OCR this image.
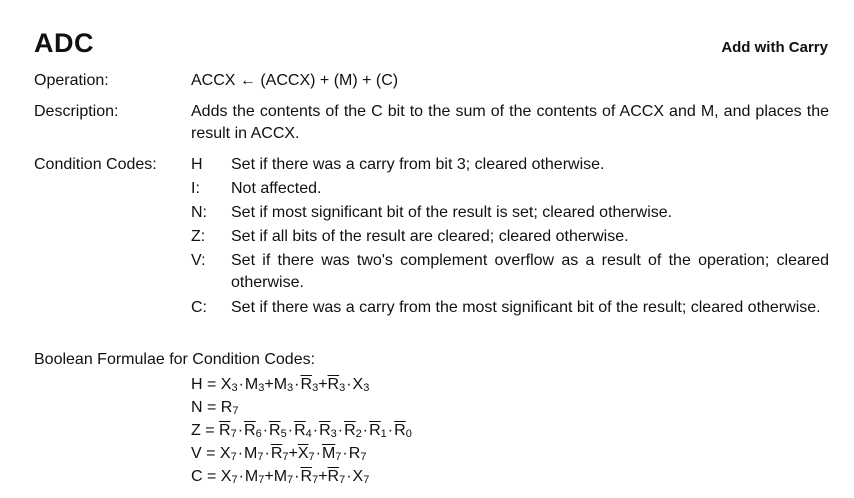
ADC	Add with Carry
Operation:	ACCX ← (ACCX) + (M) + (C)
Description:	Adds the contents of the C bit to the sum of the contents of ACCX and M, and places the result in ACCX.
Condition Codes: H	Set if there was a carry from bit 3; cleared otherwise.
I:	Not affected.
N:	Set if most significant bit of the result is set; cleared otherwise.
Z:	Set if all bits of the result are cleared; cleared otherwise.
V:	Set if there was two's complement overflow as a result of the operation; cleared otherwise.
C:	Set if there was a carry from the most significant bit of the result; cleared otherwise.
Boolean Formulae for Condition Codes:
$H = X_3\cdot M_3+M_3\cdot\overline{R}_3+\overline{R}_3\cdot X_3$
$N = R_7$
$Z = \overline{R}_7\cdot\overline{R}_6\cdot\overline{R}_5\cdot\overline{R}_4\cdot\overline{R}_3\cdot\overline{R}_2\cdot\overline{R}_1\cdot\overline{R}_0$
$V = X_7\cdot M_7\cdot\overline{R}_7+\overline{X}_7\cdot\overline{M}_7\cdot R_7$
$C = X_7\cdot M_7+M_7\cdot\overline{R}_7+\overline{R}_7\cdot X_7$
